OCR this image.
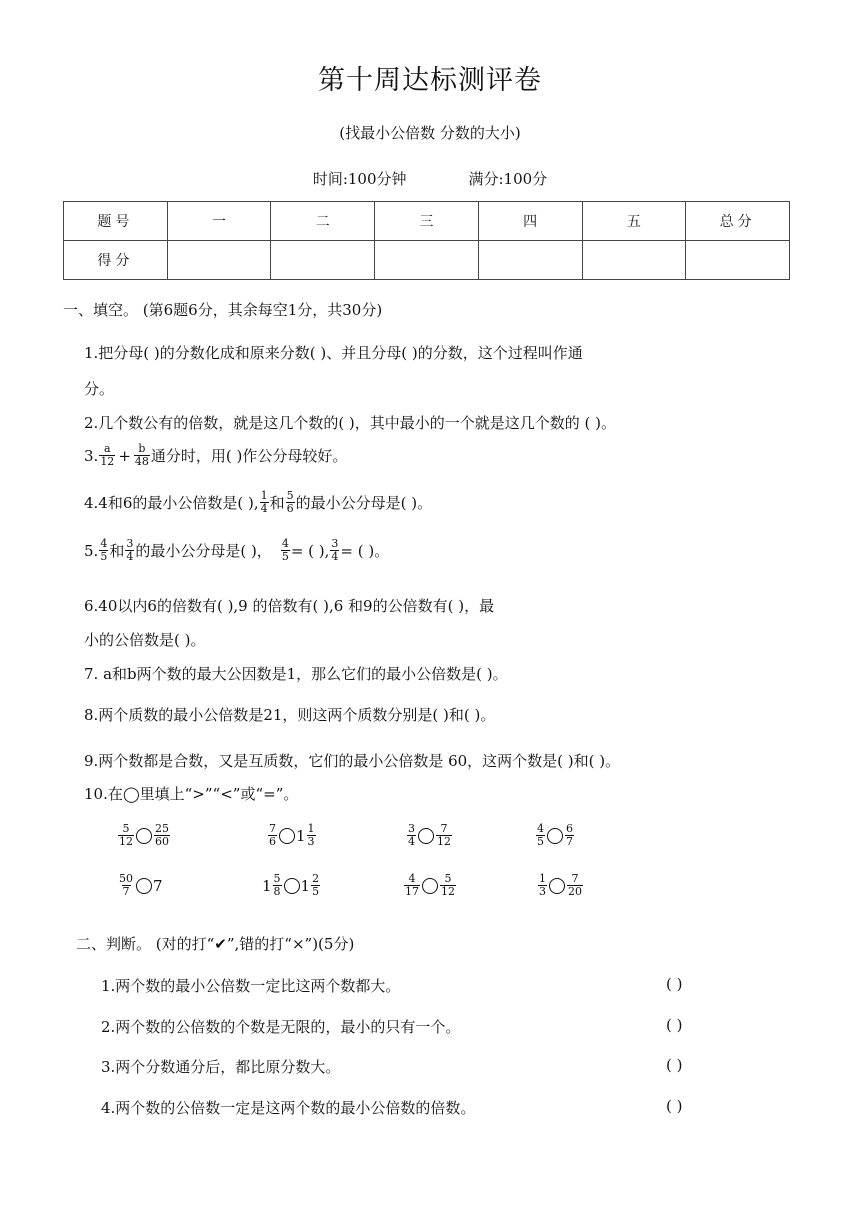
第十周达标测评卷
(找最小公倍数 分数的大小)
时间:100分钟	满分:100分
题号	一	二	三	四	五	总分
得分						
一、填空。 (第6题6分，其余每空1分，共30分)
1.把分母( )的分数化成和原来分数( )、并且分母( )的分数，这个过程叫作通
分。
2.几个数公有的倍数，就是这几个数的( )，其中最小的一个就是这几个数的 ( )。
3. $\frac{a}{12} + \frac{b}{48}$ 通分时，用( )作公分母较好。
4.4和6的最小公倍数是( ), $\frac{1}{4}$ 和 $\frac{5}{6}$ 的最小公分母是( )。
5. $\frac{4}{5}$ 和 $\frac{3}{4}$ 的最小公分母是( )， $\frac{4}{5}$ = ( ), $\frac{3}{4}$ = ( )。
6.40以内6的倍数有( ),9 的倍数有( ),6 和9的公倍数有( )，最
小的公倍数是( )。
7. a和b两个数的最大公因数是1，那么它们的最小公倍数是( )。
8.两个质数的最小公倍数是21，则这两个质数分别是( )和( )。
9.两个数都是合数，又是互质数，它们的最小公倍数是 60，这两个数是( )和( )。
10.在◯里填上“>”“<”或“=”。
$\frac{5}{12} \frac{25}{60}$	$\frac{7}{6} 1 \frac{1}{3}$	$\frac{3}{4} \frac{7}{12}$	$\frac{4}{5} \frac{6}{7}$
$\frac{50}{7} 7$	$1 \frac{5}{8} 1 \frac{2}{5}$	$\frac{4}{17} \frac{5}{12}$	$\frac{1}{3} \frac{7}{20}$
二、判断。 (对的打“✔”,错的打“×”)(5分)
1.两个数的最小公倍数一定比这两个数都大。	( )
2.两个数的公倍数的个数是无限的，最小的只有一个。	( )
3.两个分数通分后，都比原分数大。	( )
4.两个数的公倍数一定是这两个数的最小公倍数的倍数。	( )
